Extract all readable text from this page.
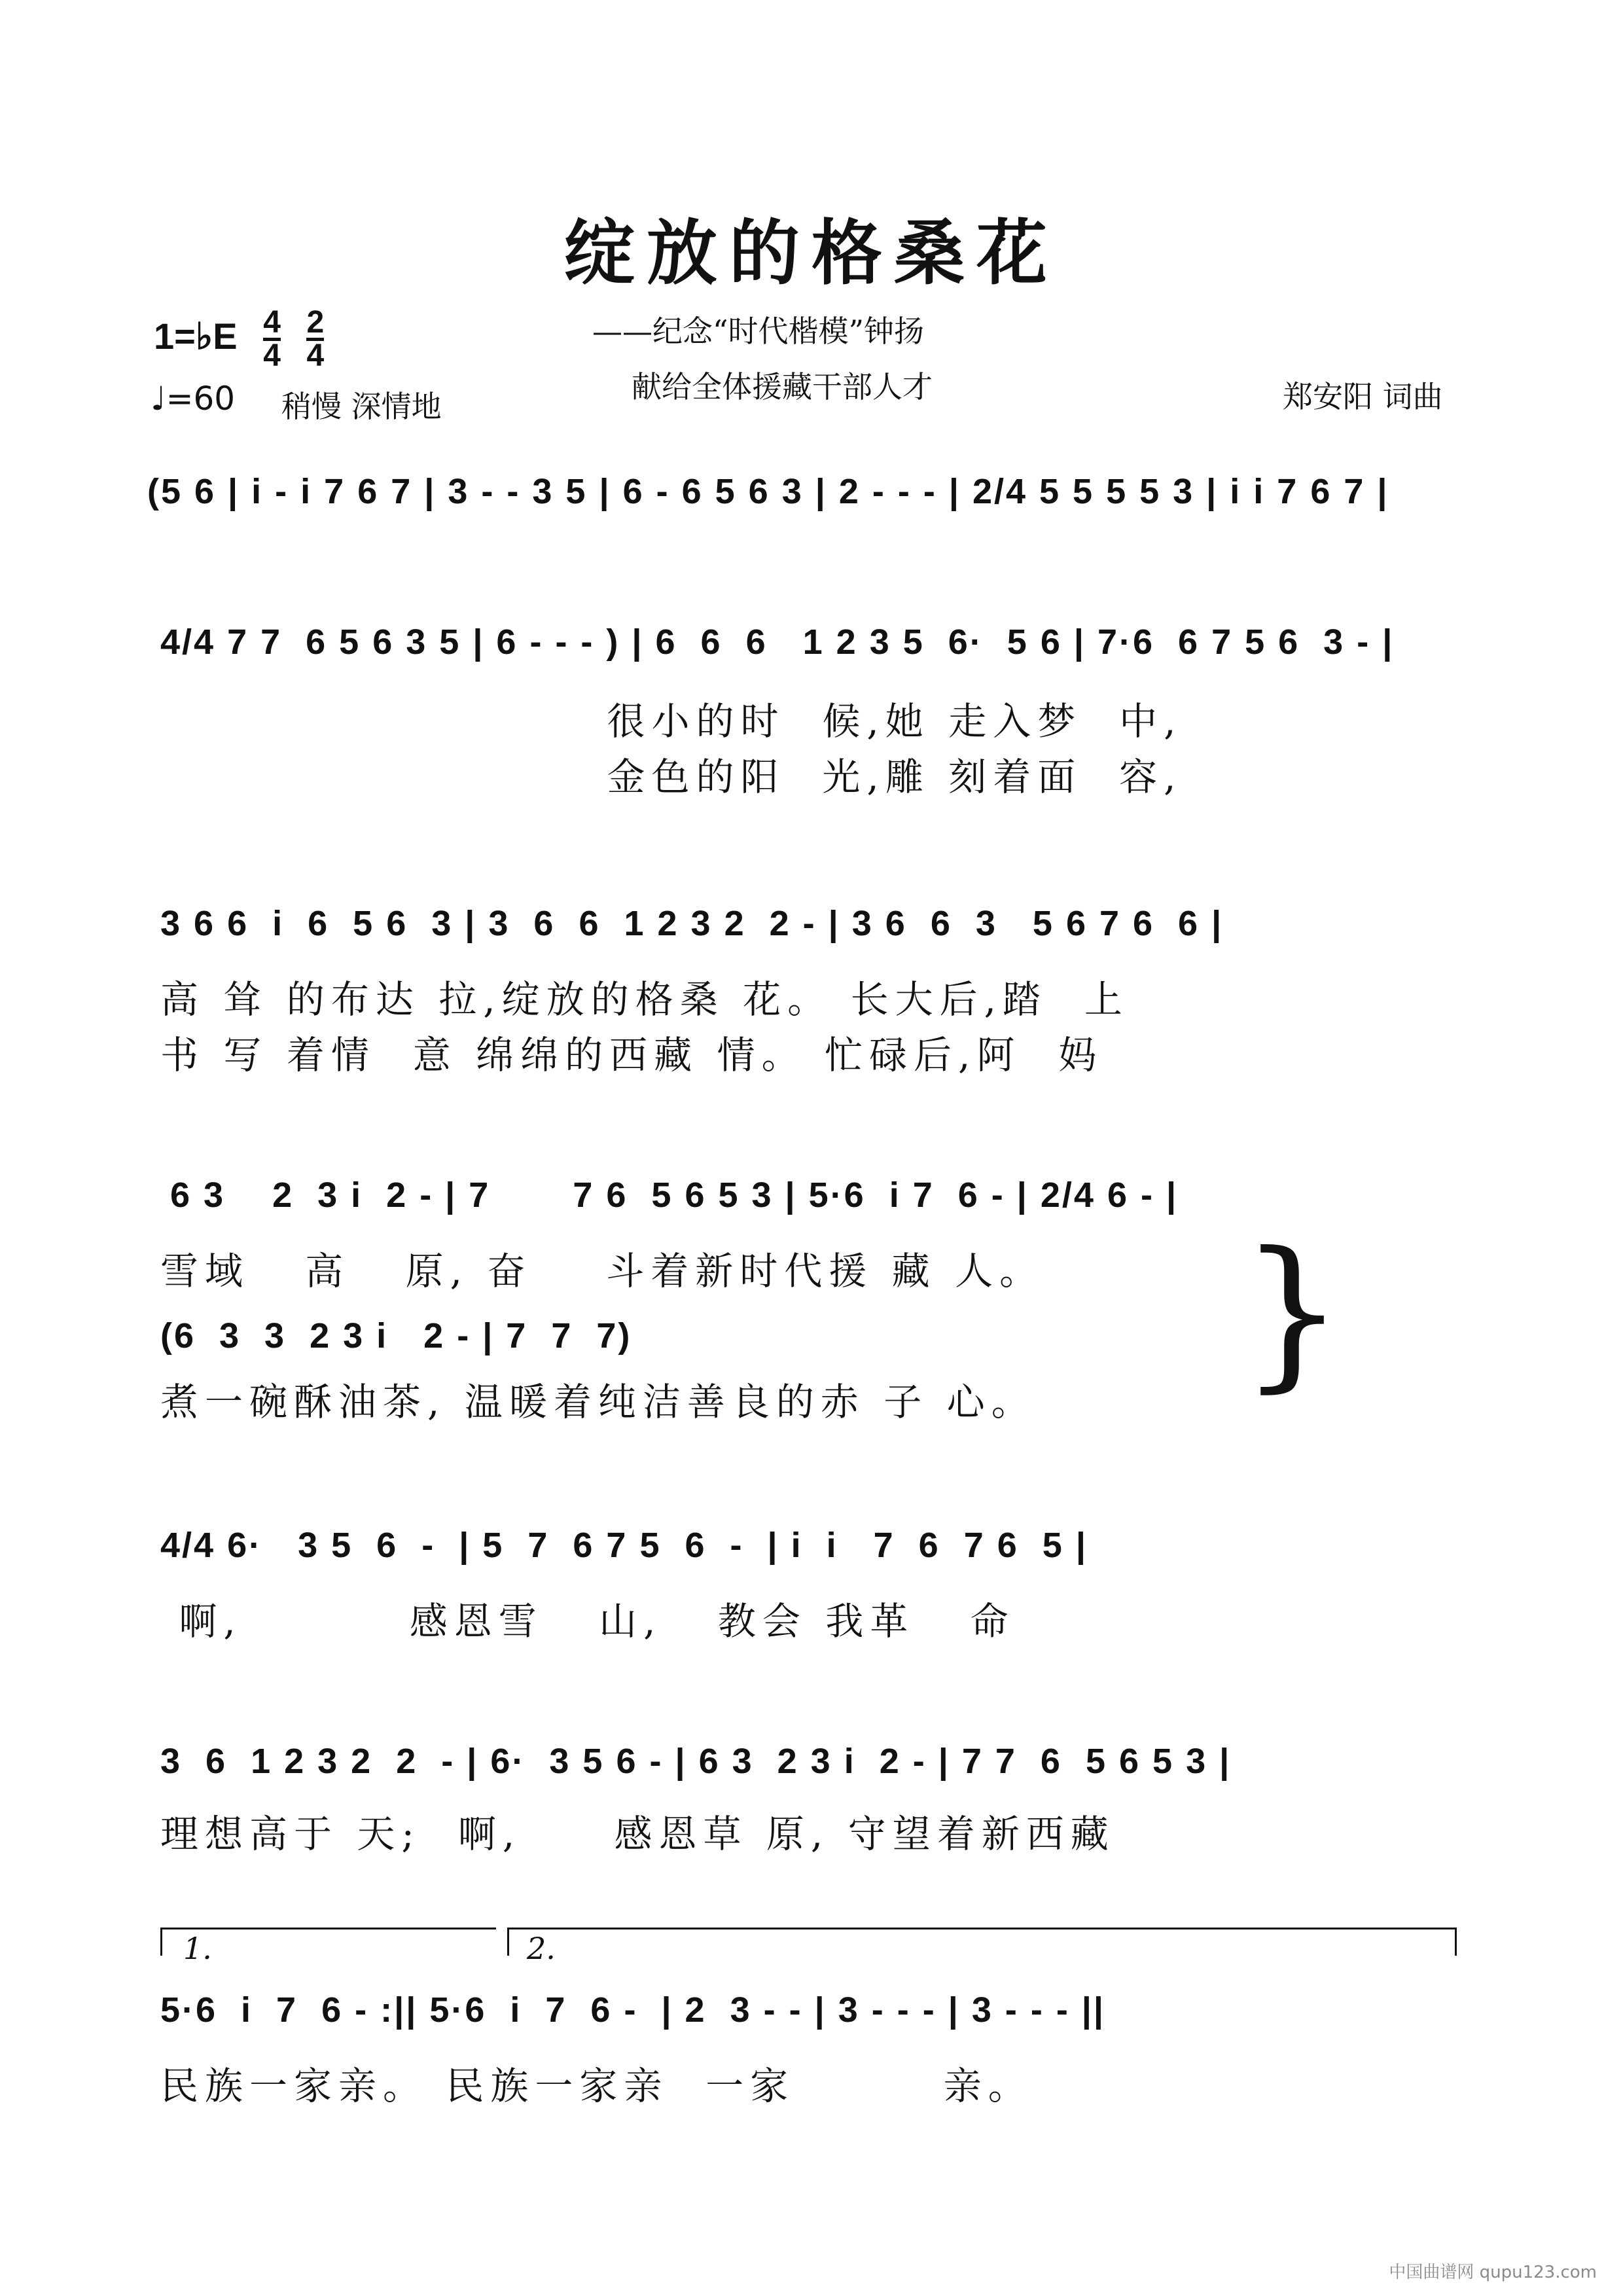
绽放的格桑花
1=♭E $\frac{4}{4}$
$\frac{2}{4}$
♩=60 稍慢 深情地
——纪念“时代楷模”钟扬
献给全体援藏干部人才	郑安阳 词曲
(5 6 | i - i 7 6 7 | 3 - - 3 5 | 6 - 6 5 6 3 | 2 - - - | 2/4 5 5 5 5 3 | i i 7 6 7 |
4/4 7 7  6 5 6 3 5 | 6 - - - ) | 6  6  6   1 2 3 5  6·  5 6 | 7·6  6 7 5 6  3 - |
很小的时  候,她 走入梦  中,
金色的阳  光,雕 刻着面  容,
3 6 6  i  6  5 6  3 | 3  6  6  1 2 3 2  2 - | 3 6  6  3   5 6 7 6  6 |
高 耸 的布达 拉,绽放的格桑 花。 长大后,踏  上
书 写 着情  意 绵绵的西藏 情。 忙碌后,阿  妈
6 3    2  3 i  2 - | 7       7 6  5 6 5 3 | 5·6  i 7  6 - | 2/4 6 - |
雪域   高   原, 奋    斗着新时代援 藏 人。
(6  3  3  2 3 i   2 - | 7  7  7)
煮一碗酥油茶, 温暖着纯洁善良的赤 子 心。 }
4/4 6·   3 5  6  -  | 5  7  6 7 5  6  -  | i  i   7  6  7 6  5 |
啊,         感恩雪   山,   教会 我革   命
3  6  1 2 3 2  2  - | 6·  3 5 6 - | 6 3  2 3 i  2 - | 7 7  6  5 6 5 3 |
理想高于 天;  啊,     感恩草 原, 守望着新西藏
1.	2.
5·6  i  7  6 - :|| 5·6  i  7  6 -  | 2  3 - - | 3 - - - | 3 - - - ||
民族一家亲。 民族一家亲  一家        亲。
中国曲谱网 qupu123.com
